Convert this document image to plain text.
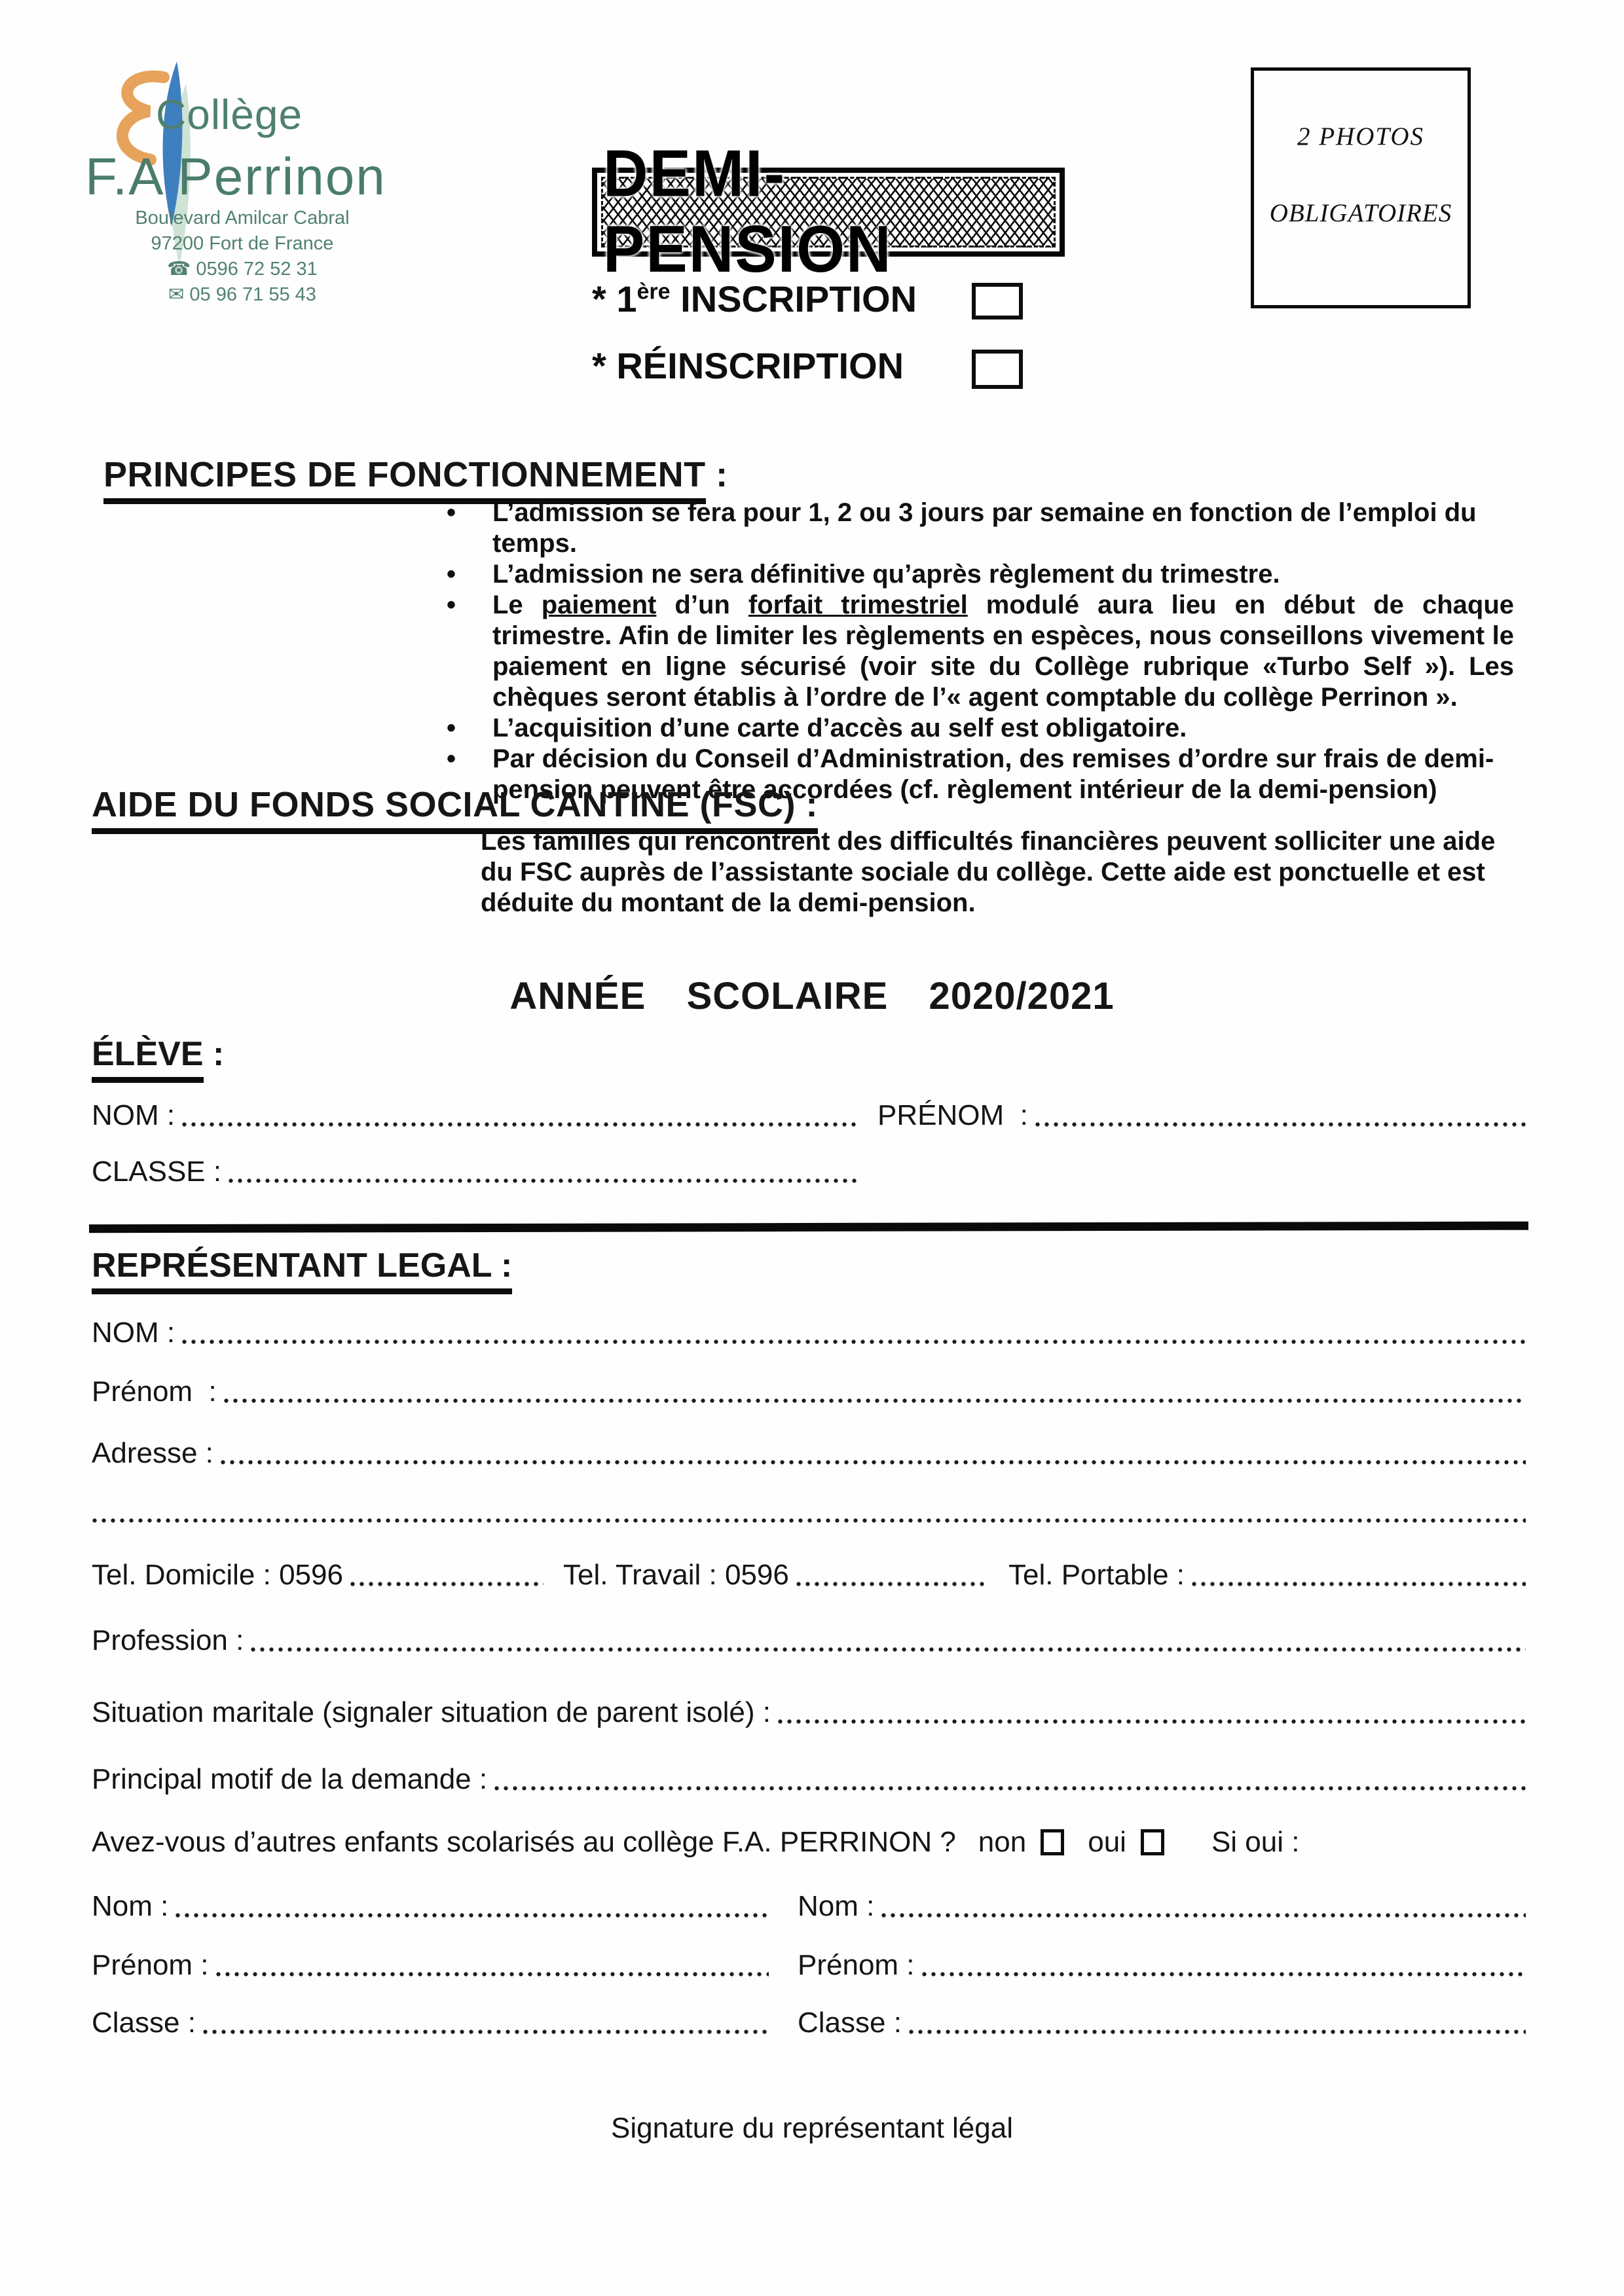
Collège
F.A Perrinon
Boulevard Amilcar Cabral
97200 Fort de France
☎ 0596 72 52 31
✉ 05 96 71 55 43
2 PHOTOS
OBLIGATOIRES
DEMI-PENSION
* 1ère INSCRIPTION
* RÉINSCRIPTION
PRINCIPES DE FONCTIONNEMENT :
• L’admission se fera pour 1, 2 ou 3 jours par semaine en fonction de l’emploi du temps.
• L’admission ne sera définitive qu’après règlement du trimestre.
• Le paiement d’un forfait trimestriel modulé aura lieu en début de chaque trimestre. Afin de limiter les règlements en espèces, nous conseillons vivement le paiement en ligne sécurisé (voir site du Collège rubrique «Turbo Self »). Les chèques seront établis à l’ordre de l’« agent comptable du collège Perrinon ».
• L’acquisition d’une carte d’accès au self est obligatoire.
• Par décision du Conseil d’Administration, des remises d’ordre sur frais de demi-pension peuvent être accordées (cf. règlement intérieur de la demi-pension)
AIDE DU FONDS SOCIAL CANTINE (FSC) :
Les familles qui rencontrent des difficultés financières peuvent solliciter une aide du FSC auprès de l’assistante sociale du collège. Cette aide est ponctuelle et est déduite du montant de la demi-pension.
ANNÉE  SCOLAIRE  2020/2021
ÉLÈVE :
NOM :	PRÉNOM  :
CLASSE :
REPRÉSENTANT LEGAL :
NOM :
Prénom  :
Adresse :
Tel. Domicile : 0596	Tel. Travail : 0596	Tel. Portable :
Profession :
Situation maritale (signaler situation de parent isolé) :
Principal motif de la demande :
Avez-vous d’autres enfants scolarisés au collège F.A. PERRINON ? non oui	Si oui :
Nom :	Nom :
Prénom :	Prénom :
Classe :	Classe :
Signature du représentant légal
